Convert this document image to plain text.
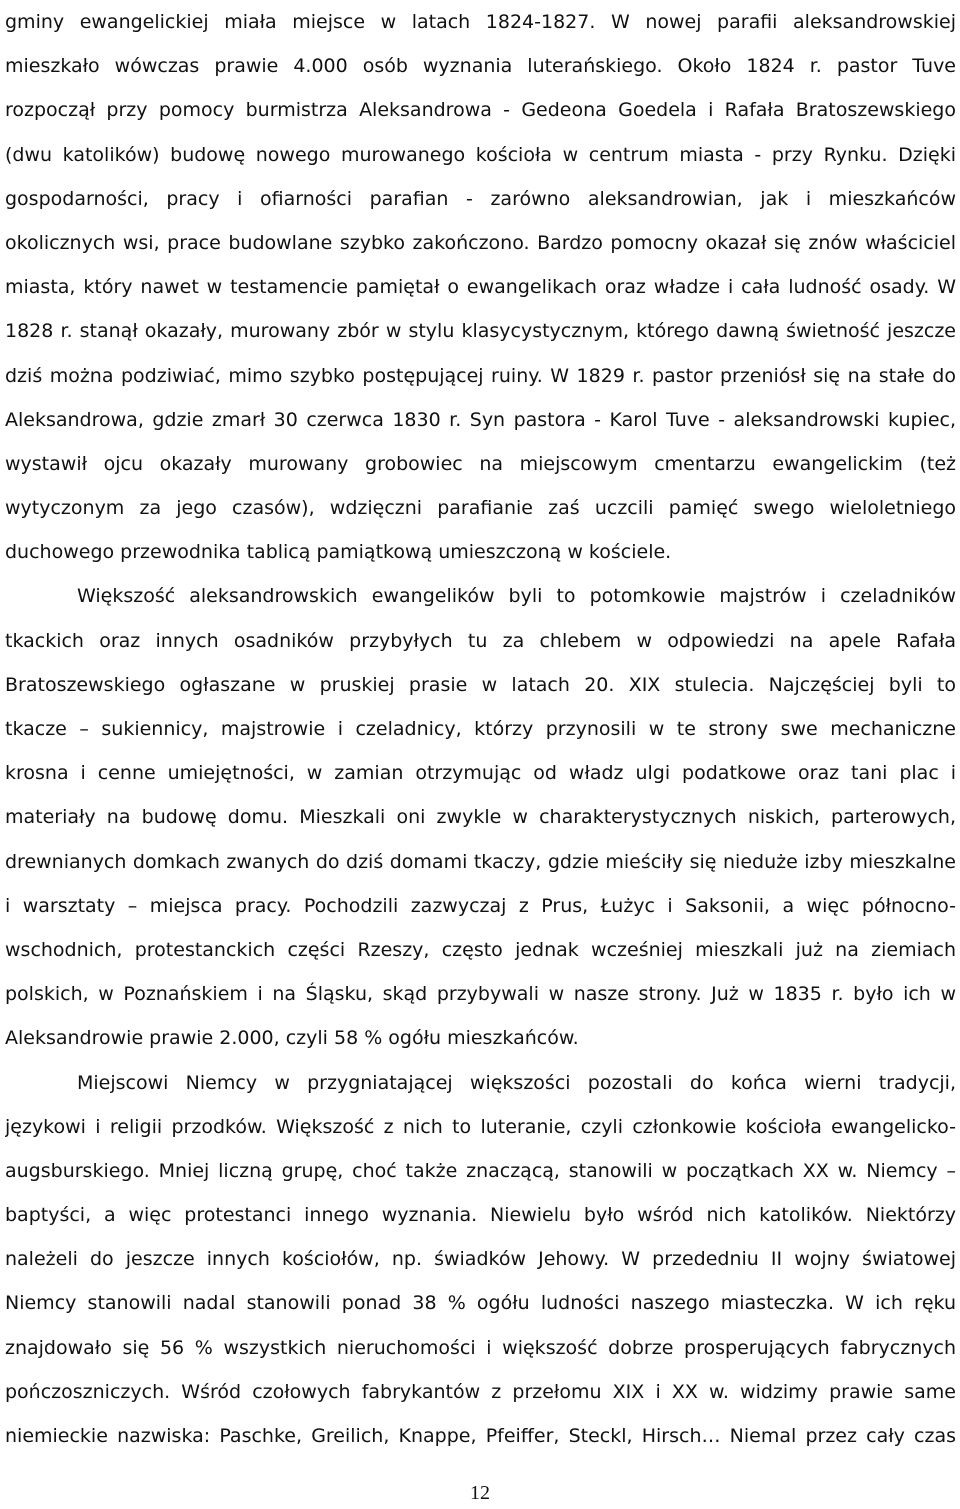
gminy ewangelickiej miała miejsce w latach 1824-1827. W nowej parafii aleksandrowskiej
mieszkało wówczas prawie 4.000 osób wyznania luterańskiego. Około 1824 r. pastor Tuve
rozpoczął przy pomocy burmistrza Aleksandrowa - Gedeona Goedela i Rafała Bratoszewskiego
(dwu katolików) budowę nowego murowanego kościoła w centrum miasta - przy Rynku. Dzięki
gospodarności, pracy i ofiarności parafian - zarówno aleksandrowian, jak i mieszkańców
okolicznych wsi, prace budowlane szybko zakończono. Bardzo pomocny okazał się znów właściciel
miasta, który nawet w testamencie pamiętał o ewangelikach oraz władze i cała ludność osady. W
1828 r. stanął okazały, murowany zbór w stylu klasycystycznym, którego dawną świetność jeszcze
dziś można podziwiać, mimo szybko postępującej ruiny. W 1829 r. pastor przeniósł się na stałe do
Aleksandrowa, gdzie zmarł 30 czerwca 1830 r. Syn pastora - Karol Tuve - aleksandrowski kupiec,
wystawił ojcu okazały murowany grobowiec na miejscowym cmentarzu ewangelickim (też
wytyczonym za jego czasów), wdzięczni parafianie zaś uczcili pamięć swego wieloletniego
duchowego przewodnika tablicą pamiątkową umieszczoną w kościele.
Większość aleksandrowskich ewangelików byli to potomkowie majstrów i czeladników
tkackich oraz innych osadników przybyłych tu za chlebem w odpowiedzi na apele Rafała
Bratoszewskiego ogłaszane w pruskiej prasie w latach 20. XIX stulecia. Najczęściej byli to
tkacze – sukiennicy, majstrowie i czeladnicy, którzy przynosili w te strony swe mechaniczne
krosna i cenne umiejętności, w zamian otrzymując od władz ulgi podatkowe oraz tani plac i
materiały na budowę domu. Mieszkali oni zwykle w charakterystycznych niskich, parterowych,
drewnianych domkach zwanych do dziś domami tkaczy, gdzie mieściły się nieduże izby mieszkalne
i warsztaty – miejsca pracy. Pochodzili zazwyczaj z Prus, Łużyc i Saksonii, a więc północno-
wschodnich, protestanckich części Rzeszy, często jednak wcześniej mieszkali już na ziemiach
polskich, w Poznańskiem i na Śląsku, skąd przybywali w nasze strony. Już w 1835 r. było ich w
Aleksandrowie prawie 2.000, czyli 58 % ogółu mieszkańców.
Miejscowi Niemcy w przygniatającej większości pozostali do końca wierni tradycji,
językowi i religii przodków. Większość z nich to luteranie, czyli członkowie kościoła ewangelicko-
augsburskiego. Mniej liczną grupę, choć także znaczącą, stanowili w początkach XX w. Niemcy –
baptyści, a więc protestanci innego wyznania. Niewielu było wśród nich katolików. Niektórzy
należeli do jeszcze innych kościołów, np. świadków Jehowy. W przededniu II wojny światowej
Niemcy stanowili nadal stanowili ponad 38 % ogółu ludności naszego miasteczka. W ich ręku
znajdowało się 56 % wszystkich nieruchomości i większość dobrze prosperujących fabrycznych
pończoszniczych. Wśród czołowych fabrykantów z przełomu XIX i XX w. widzimy prawie same
niemieckie nazwiska: Paschke, Greilich, Knappe, Pfeiffer, Steckl, Hirsch… Niemal przez cały czas
12
